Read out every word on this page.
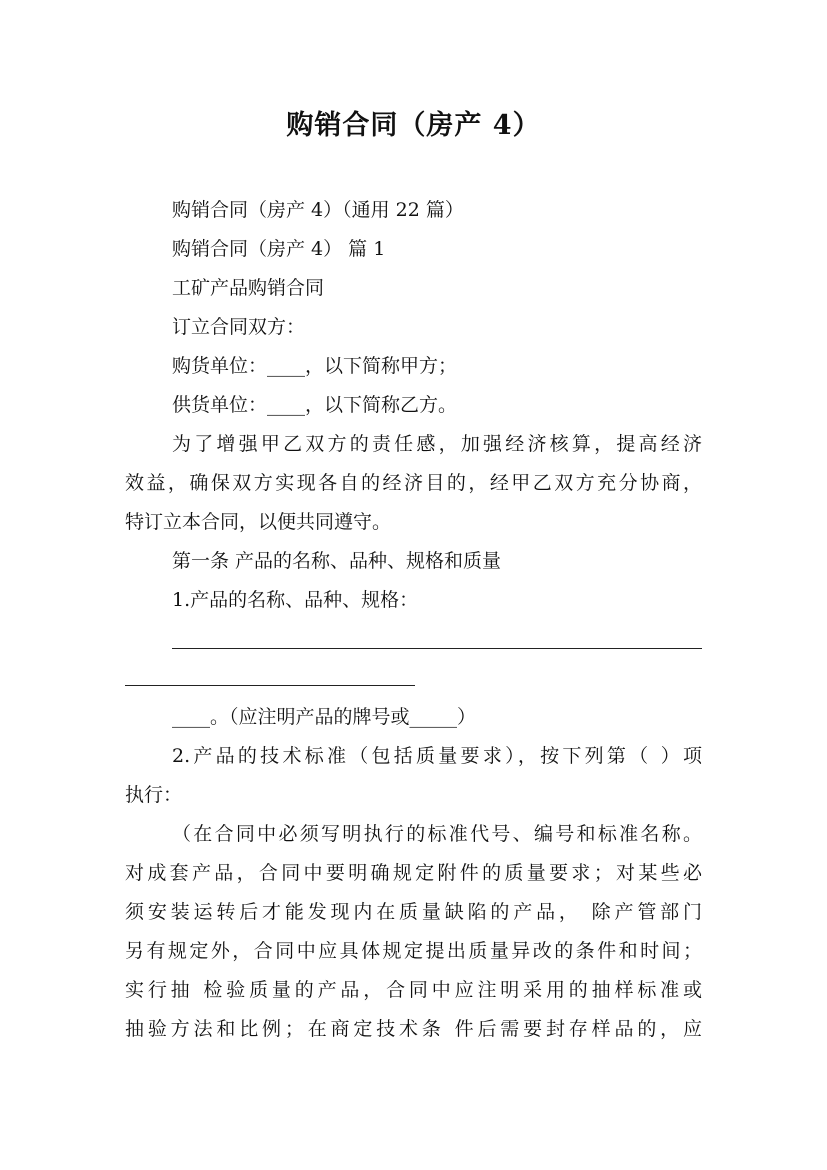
购销合同（房产 4）

购销合同（房产 4）（通用 22 篇）

购销合同（房产 4） 篇 1

工矿产品购销合同

订立合同双方：

购货单位：____，以下简称甲方；

供货单位：____，以下简称乙方。

为了增强甲乙双方的责任感，加强经济核算，提高经济

效益，确保双方实现各自的经济目的，经甲乙双方充分协商，

特订立本合同，以便共同遵守。

第一条 产品的名称、品种、规格和质量

1.产品的名称、品种、规格：

____。（应注明产品的牌号或_____）

2.产品的技术标准（包括质量要求），按下列第（ ）项

执行：

（在合同中必须写明执行的标准代号、编号和标准名称。

对成套产品，合同中要明确规定附件的质量要求；对某些必

须安装运转后才能发现内在质量缺陷的产品， 除产管部门

另有规定外，合同中应具体规定提出质量异改的条件和时间；

实行抽 检验质量的产品，合同中应注明采用的抽样标准或

抽验方法和比例；在商定技术条 件后需要封存样品的，应
